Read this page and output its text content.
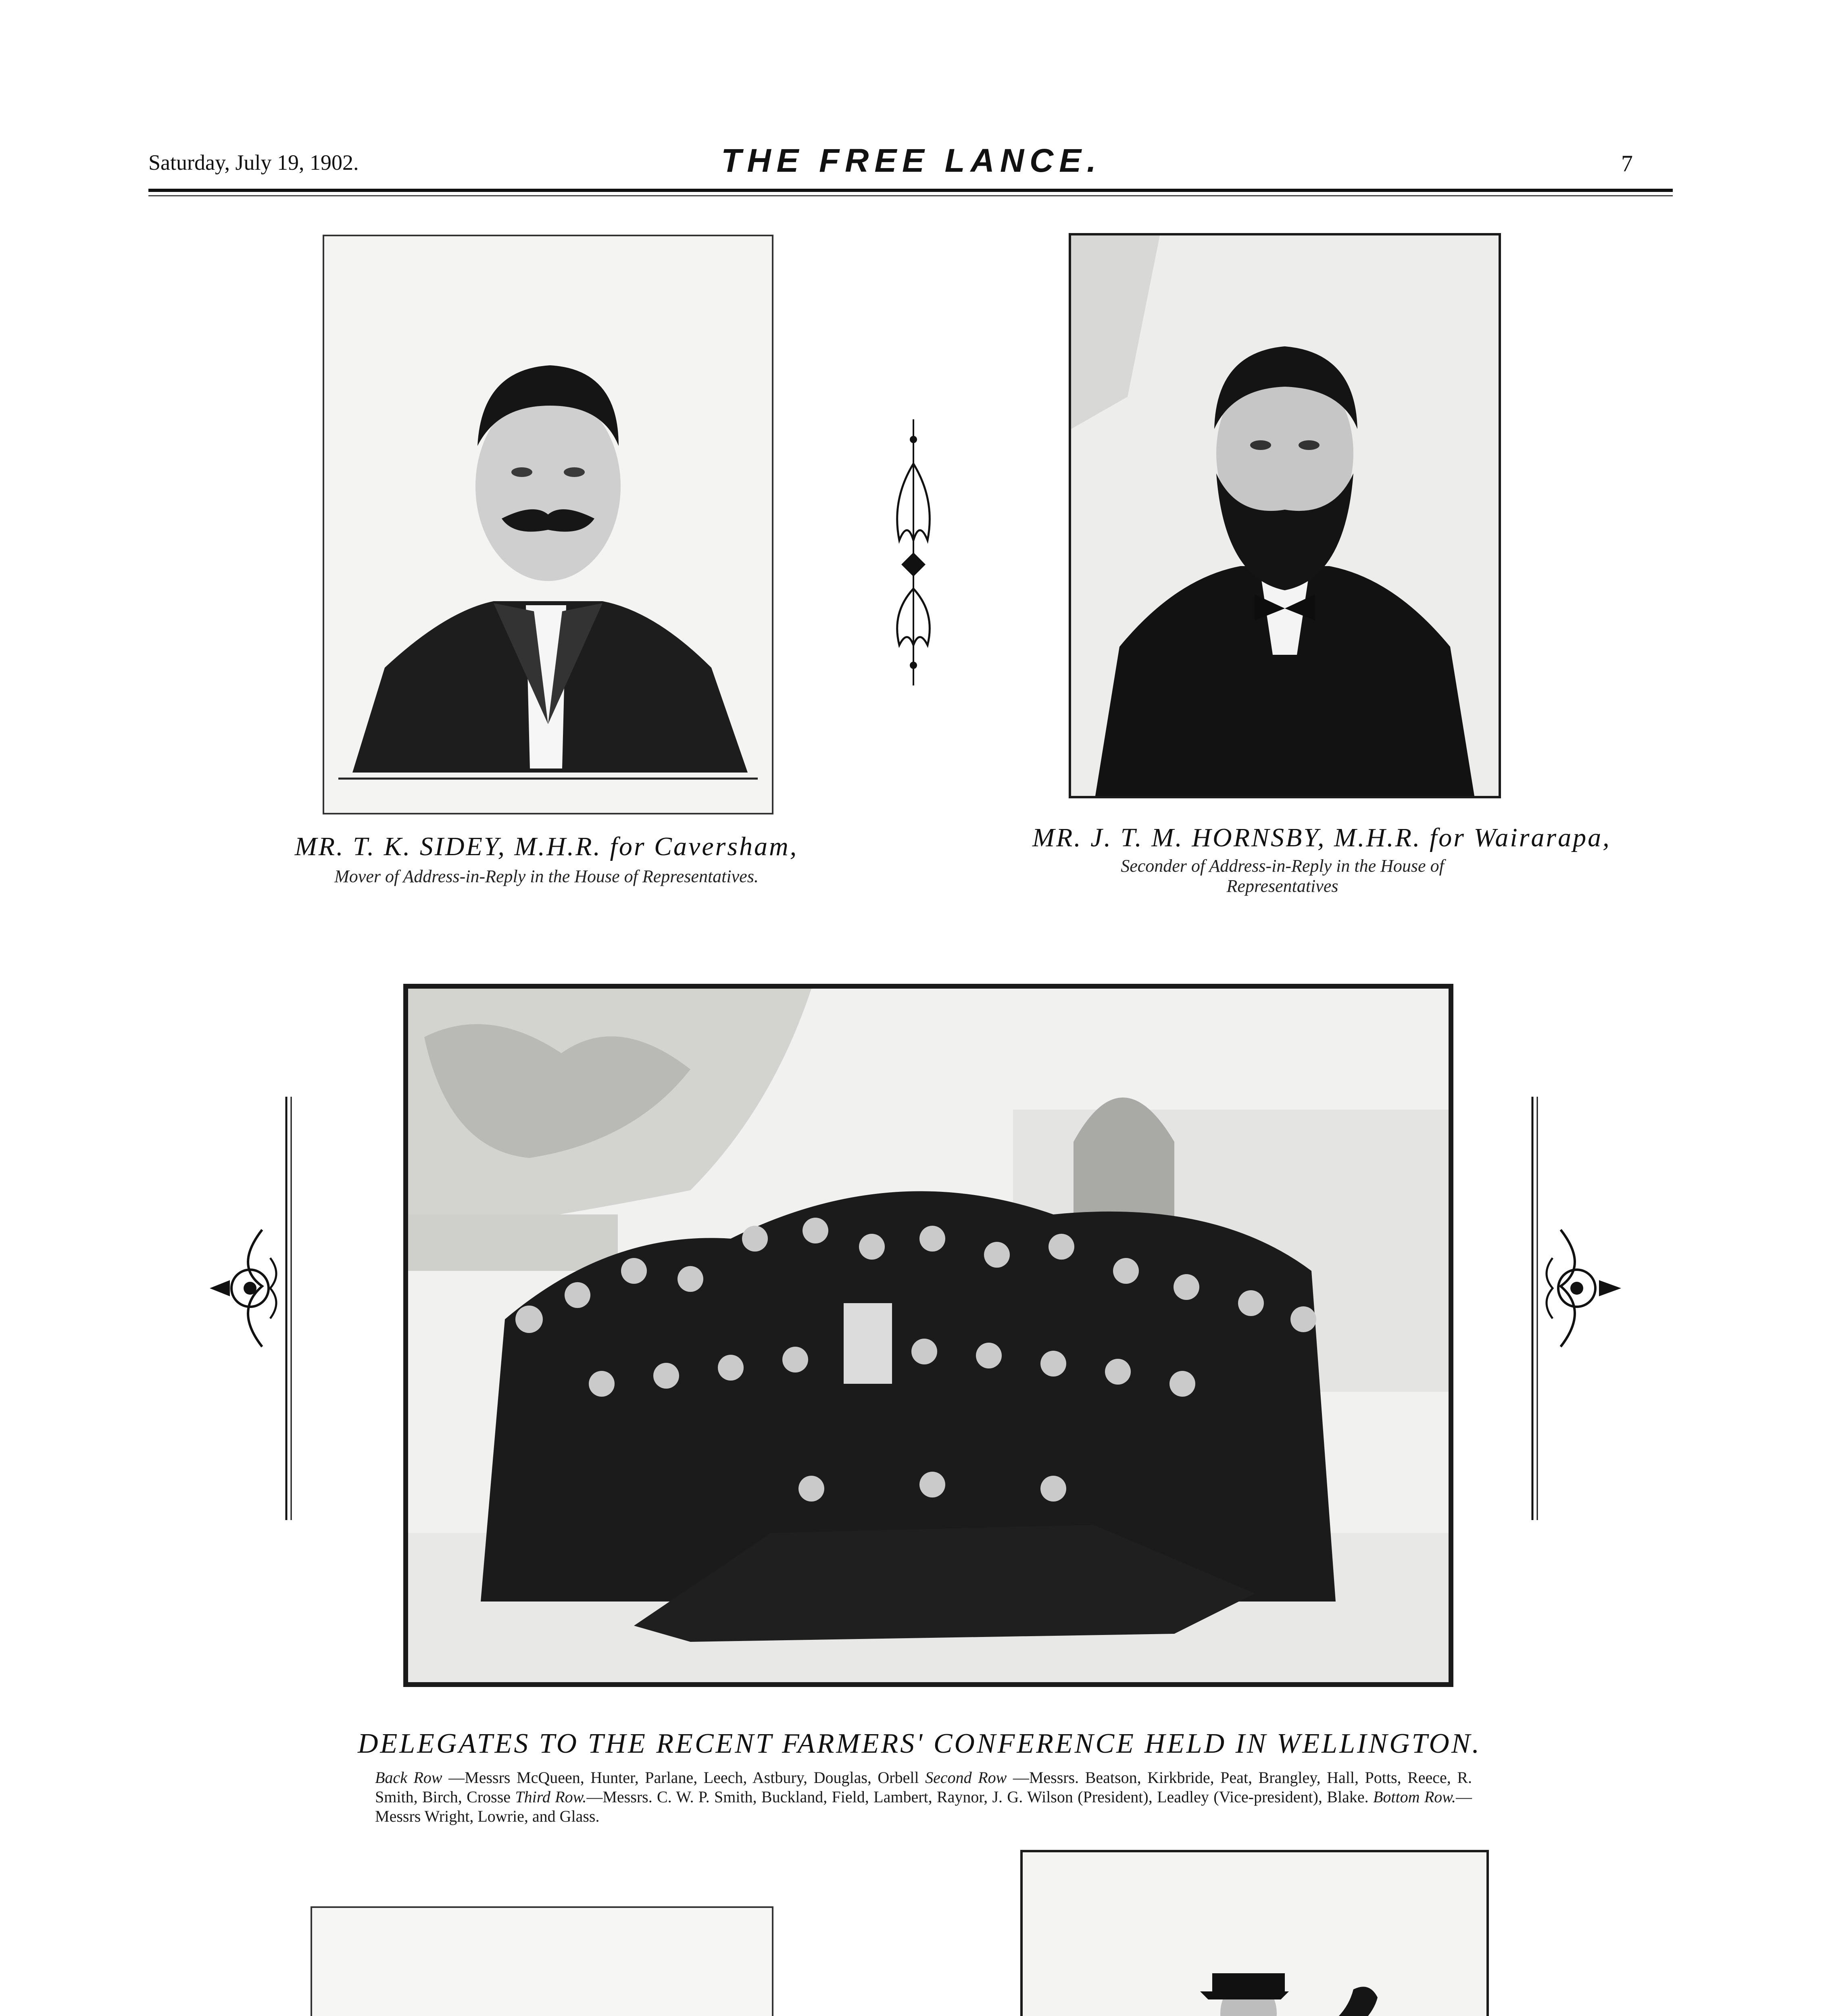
Saturday, July 19, 1902.	THE FREE LANCE.	7
MR. T. K. SIDEY, M.H.R. for Caversham,
Mover of Address-in-Reply in the House of Representatives.
MR. J. T. M. HORNSBY, M.H.R. for Wairarapa,
Seconder of Address-in-Reply in the House of
Representatives
DELEGATES TO THE RECENT FARMERS' CONFERENCE HELD IN WELLINGTON.
Back Row —Messrs McQueen, Hunter, Parlane, Leech, Astbury, Douglas, Orbell Second Row —Messrs. Beatson, Kirkbride, Peat, Brangley, Hall, Potts, Reece, R. Smith, Birch, Crosse Third Row.—Messrs. C. W. P. Smith, Buckland, Field, Lambert, Raynor, J. G. Wilson (President), Leadley (Vice-president), Blake. Bottom Row.—Messrs Wright, Lowrie, and Glass.
